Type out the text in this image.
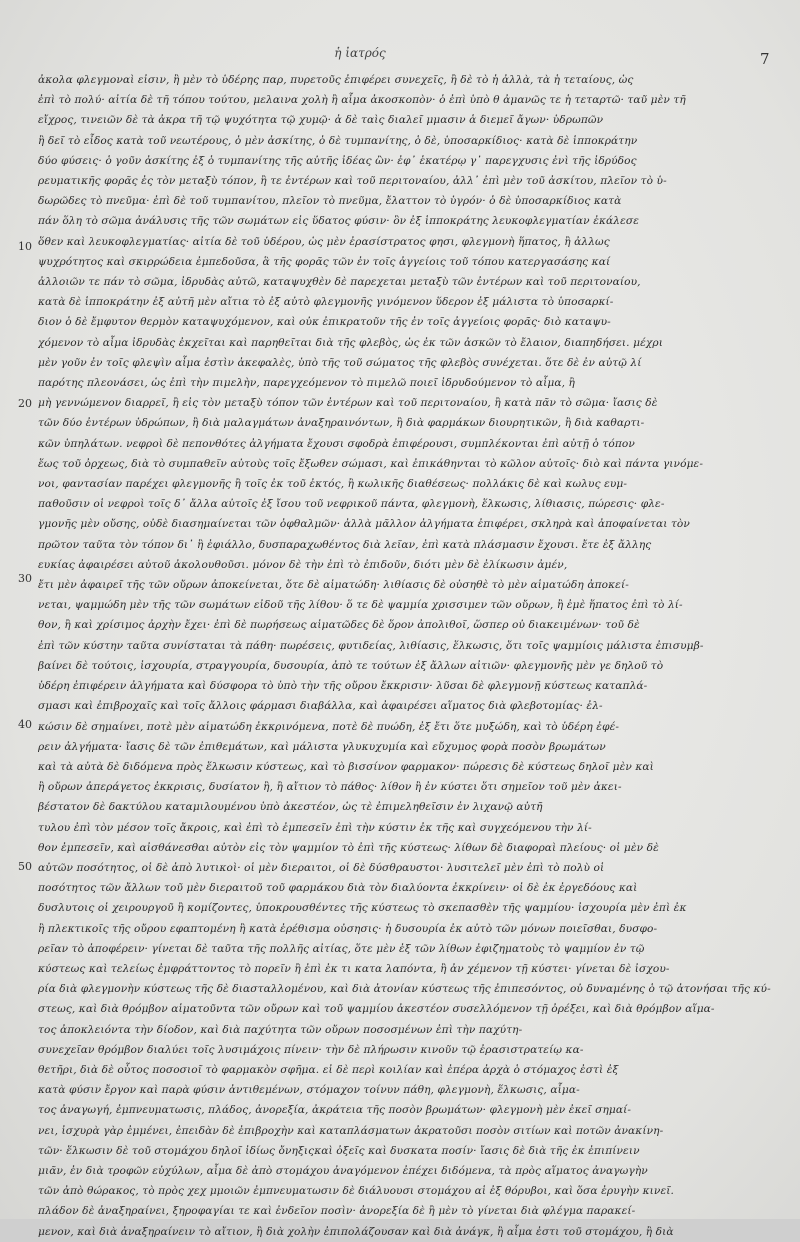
ἡ ἰατρός	7
10
20
30
40
50
ἀκολα φλεγμοναὶ εἰσιν, ἢ μὲν τὸ ὑδέρης παρ, πυρετοῦς ἐπιφέρει συνεχεῖς, ἢ δὲ τὸ ἡ ἀλλὰ, τὰ ἡ τεταίους, ὡς
ἐπὶ τὸ πολύ· αἰτία δὲ τῆ τόπου τούτου, μελαινα χολὴ ἢ αἷμα ἀκοσκοπὸν· ὁ ἐπὶ ὑπὸ θ ἀμανῶς τε ἡ τεταρτῶ· ταῦ μὲν τῆ
εἴχρος, τινειῶν δὲ τὰ ἀκρα τῆ τῷ ψυχότητα τῷ χυμῷ· ἀ δὲ ταὶς διαλεῖ μμασιν ἁ διεμεῖ ἄγων· ὑδρωπῶν
ἢ δεῖ τὸ εἶδος κατὰ τοῦ νεωτέρους, ὁ μὲν ἀσκίτης, ὁ δὲ τυμπανίτης, ὁ δὲ, ὑποσαρκίδιος· κατὰ δὲ ἱπποκράτην
δύο φύσεις· ὁ γοῦν ἀσκίτης ἐξ ὁ τυμπανίτης τῆς αὐτῆς ἰδέας ὢν· ἐφ᾽ ἑκατέρῳ γ᾽ παρεγχυσις ἐνὶ τῆς ἰδρύδος
ρευματικῆς φορᾶς ἐς τὸν μεταξὺ τόπον, ἢ τε ἐντέρων καὶ τοῦ περιτοναίου, ἀλλ᾽ ἐπὶ μὲν τοῦ ἀσκίτου, πλεῖον τὸ ὑ-
δωρῶδες τὸ πνεῦμα· ἐπὶ δὲ τοῦ τυμπανίτου, πλεῖον τὸ πνεῦμα, ἔλαττον τὸ ὑγρόν· ὁ δὲ ὑποσαρκίδιος κατὰ
πάν ὅλη τὸ σῶμα ἀνάλυσις τῆς τῶν σωμάτων εἰς ὕδατος φύσιν· ὃν ἐξ ἱπποκράτης λευκοφλεγματίαν ἐκάλεσε
ὅθεν καὶ λευκοφλεγματίας· αἰτία δὲ τοῦ ὑδέρου, ὡς μὲν ἐρασίστρατος φησι, φλεγμονὴ ἥπατος, ἢ ἀλλως
ψυχρότητος καὶ σκιρρώδεια ἐμπεδοῦσα, ἃ τῆς φορᾶς τῶν ἐν τοῖς ἀγγείοις τοῦ τόπου κατεργασάσης καί
ἀλλοιῶν τε πάν τὸ σῶμα, ἰδρυδὰς αὐτῶ, καταψυχθὲν δὲ παρεχεται μεταξὺ τῶν ἐντέρων καὶ τοῦ περιτοναίου,
κατὰ δὲ ἱπποκράτην ἐξ αὐτῆ μὲν αἴτια τὸ ἐξ αὐτὸ φλεγμονῆς γινόμενον ὕδερον ἐξ μάλιστα τὸ ὑποσαρκί-
διον ὁ δὲ ἔμφυτον θερμὸν καταψυχόμενον, καὶ οὐκ ἐπικρατοῦν τῆς ἐν τοῖς ἀγγείοις φορᾶς· διὸ καταψυ-
χόμενον τὸ αἷμα ἰδρυδὰς ἐκχεῖται καὶ παρηθεῖται διὰ τῆς φλεβὸς, ὡς ἐκ τῶν ἀσκῶν τὸ ἔλαιον, διαπηδήσει. μέχρι
μὲν γοῦν ἐν τοῖς φλεψὶν αἷμα ἐστὶν ἀκεφαλὲς, ὑπὸ τῆς τοῦ σώματος τῆς φλεβὸς συνέχεται. ὅτε δὲ ἐν αὐτῷ λί
παρότης πλεονάσει, ὡς ἐπὶ τὴν πιμελὴν, παρεγχεόμενον τὸ πιμελῶ ποιεῖ ἰδρυδούμενον τὸ αἷμα, ἢ
μὴ γεννώμενον διαρρεῖ, ἢ εἰς τὸν μεταξὺ τόπον τῶν ἐντέρων καὶ τοῦ περιτοναίου, ἢ κατὰ πᾶν τὸ σῶμα· ἴασις δὲ
τῶν δύο ἐντέρων ὑδρώπων, ἢ διὰ μαλαγμάτων ἀναξηραινόντων, ἢ διὰ φαρμάκων διουρητικῶν, ἢ διὰ καθαρτι-
κῶν ὑπηλάτων. νεφροὶ δὲ πεπονθότες ἀλγήματα ἔχουσι σφοδρὰ ἐπιφέρουσι, συμπλέκονται ἐπὶ αὐτῇ ὁ τόπον
ἕως τοῦ ὀρχεως, διὰ τὸ συμπαθεῖν αὐτοὺς τοῖς ἔξωθεν σώμασι, καὶ ἐπικάθηνται τὸ κῶλον αὐτοῖς· διὸ καὶ πάντα γινόμε-
νοι, φαντασίαν παρέχει φλεγμονῆς ἢ τοῖς ἐκ τοῦ ἐκτός, ἢ κωλικῆς διαθέσεως· πολλάκις δὲ καὶ κωλυς ευμ-
παθοῦσιν οἱ νεφροὶ τοῖς δ᾽ ἄλλα αὐτοῖς ἐξ ἴσου τοῦ νεφρικοῦ πάντα, φλεγμονὴ, ἕλκωσις, λίθιασις, πώρεσις· φλε-
γμονῆς μὲν οὔσης, οὐδὲ διασημαίνεται τῶν ὀφθαλμῶν· ἀλλὰ μᾶλλον ἀλγήματα ἐπιφέρει, σκληρὰ καὶ ἀποφαίνεται τὸν
πρῶτον ταῦτα τὸν τόπον δι᾽ ἣ ἐφιάλλο, δυσπαραχωθέντος διὰ λεῖαν, ἐπὶ κατὰ πλάσμασιν ἔχουσι. ἔτε ἐξ ἄλλης
ευκίας ἀφαιρέσει αὐτοῦ ἀκολουθοῦσι. μόνον δὲ τὴν ἐπὶ τὸ ἐπιδοῦν, διότι μὲν δὲ ἐλίκωσιν ἀμέν,
ἔτι μὲν ἀφαιρεῖ τῆς τῶν οὔρων ἀποκείνεται, ὅτε δὲ αἱματώδη· λιθίασις δὲ οὐσηθὲ τὸ μὲν αἱματώδη ἀποκεί-
νεται, ψαμμώδη μὲν τῆς τῶν σωμάτων εἰδοῦ τῆς λίθου· ὅ τε δὲ ψαμμία χρισσιμεν τῶν οὔρων, ἢ ἐμὲ ἥπατος ἐπὶ τὸ λί-
θον, ἢ καὶ χρίσιμος ἀρχὴν ἔχει· ἐπὶ δὲ πωρήσεως αἱματῶδες δὲ ὅρον ἀπολιθοῖ, ὥσπερ οὐ διακειμένων· τοῦ δὲ
ἐπὶ τῶν κύστην ταῦτα συνίσταται τὰ πάθη· πωρέσεις, φυτιδείας, λιθίασις, ἕλκωσις, ὅτι τοῖς ψαμμίοις μάλιστα ἐπισυμβ-
βαίνει δὲ τούτοις, ἰσχουρία, στραγγουρία, δυσουρία, ἀπὸ τε τούτων ἐξ ἄλλων αἰτιῶν· φλεγμονῆς μὲν γε δηλοῦ τὸ
ὑδέρη ἐπιφέρειν ἀλγήματα καὶ δύσφορα τὸ ὑπὸ τὴν τῆς οὔρου ἔκκρισιν· λῦσαι δὲ φλεγμονῇ κύστεως καταπλά-
σμασι καὶ ἐπιβροχαῖς καὶ τοῖς ἄλλοις φάρμασι διαβάλλα, καὶ ἀφαιρέσει αἵματος διὰ φλεβοτομίας· ἐλ-
κώσιν δὲ σημαίνει, ποτὲ μὲν αἱματώδη ἐκκρινόμενα, ποτὲ δὲ πυώδη, ἐξ ἔτι ὅτε μυξώδη, καὶ τὸ ὑδέρη ἐφέ-
ρειν ἀλγήματα· ἴασις δὲ τῶν ἐπιθεμάτων, καὶ μάλιστα γλυκυχυμία καὶ εὔχυμος φορὰ ποσὸν βρωμάτων
καὶ τὰ αὐτὰ δὲ διδόμενα πρὸς ἕλκωσιν κύστεως, καὶ τὸ βισσίνον φαρμακον· πώρεσις δὲ κύστεως δηλοῖ μὲν καὶ
ἢ οὔρων ἀπεράγετος ἐκκρισις, δυσίατον ἢ, ἢ αἴτιον τὸ πάθος· λίθον ἢ ἐν κύστει ὅτι σημεῖον τοῦ μὲν ἀκει-
βέστατον δὲ δακτύλου καταμιλουμένου ὑπὸ ἀκεστέον, ὡς τὲ ἐπιμεληθεῖσιν ἐν λιχανῷ αὐτῆ
τυλου ἐπὶ τὸν μέσον τοῖς ἄκροις, καὶ ἐπὶ τὸ ἐμπεσεῖν ἐπὶ τὴν κύστιν ἐκ τῆς καὶ συγχεόμενου τὴν λί-
θον ἐμπεσεῖν, καὶ αἰσθάνεσθαι αὐτὸν εἰς τὸν ψαμμίον τὸ ἐπὶ τῆς κύστεως· λίθων δὲ διαφοραὶ πλείους· οἱ μὲν δὲ
αὐτῶν ποσότητος, οἱ δὲ ἀπὸ λυτικοὶ· οἱ μὲν διεραιτοι, οἱ δὲ δύσθραυστοι· λυσιτελεῖ μὲν ἐπὶ τὸ πολὺ οἱ
ποσότητος τῶν ἄλλων τοῦ μὲν διεραιτοῦ τοῦ φαρμάκου διὰ τὸν διαλύοντα ἐκκρίνειν· οἱ δὲ ἐκ ἐργεδόους καὶ
δυσλυτοις οἱ χειρουργοῦ ἢ κομίζοντες, ὑποκρουσθέντες τῆς κύστεως τὸ σκεπασθὲν τῆς ψαμμίου· ἰσχουρία μὲν ἐπὶ ἐκ
ἢ πλεκτικοῖς τῆς οὔρου εφαπτομένη ἢ κατὰ ἐρέθισμα οὐσησις· ἡ δυσουρία ἐκ αὐτὸ τῶν μόνων ποιεῖσθαι, δυσφο-
ρεῖαν τὸ ἀποφέρειν· γίνεται δὲ ταῦτα τῆς πολλῆς αἰτίας, ὅτε μὲν ἐξ τῶν λίθων ἐφιζηματοὺς τὸ ψαμμίον ἐν τῷ
κύστεως καὶ τελείως ἐμφράττοντος τὸ πορεῖν ἢ ἐπὶ ἐκ τι κατα λαπόντα, ἢ ἀν χέμενον τῇ κύστει· γίνεται δὲ ἰσχου-
ρία διὰ φλεγμονὴν κύστεως τῆς δὲ διασταλλομένου, καὶ διὰ ἀτονίαν κύστεως τῆς ἐπιπεσόντος, οὐ δυναμένης ὁ τῷ ἀτονήσαι τῆς κύ-
στεως, καὶ διὰ θρόμβον αἱματοῦντα τῶν οὔρων καὶ τοῦ ψαμμίου ἀκεστέον συσελλόμενον τῇ ὀρέξει, καὶ διὰ θρόμβον αἵμα-
τος ἀποκλειόντα τὴν δίοδον, καὶ διὰ παχύτητα τῶν οὔρων ποσοσμένων ἐπὶ τὴν παχύτη-
συνεχεῖαν θρόμβον διαλύει τοῖς λυσιμάχοις πίνειν· τὴν δὲ πλήρωσιν κινοῦν τῷ ἐρασιστρατείῳ κα-
θετῆρι, διὰ δὲ οὗτος ποσοσιοῖ τὸ φαρμακὸν σφῆμα. εἰ δὲ περὶ κοιλίαν καὶ ἐπέρα ἀρχὰ ὁ στόμαχος ἐστὶ ἐξ
κατὰ φύσιν ἔργον καὶ παρὰ φύσιν ἀντιθεμένων, στόμαχον τοίνυν πάθη, φλεγμονὴ, ἕλκωσις, αἷμα-
τος ἀναγωγή, ἐμπνευματωσις, πλάδος, ἀνορεξία, ἀκράτεια τῆς ποσὸν βρωμάτων· φλεγμονὴ μὲν ἐκεῖ σημαί-
νει, ἰσχυρὰ γὰρ ἐμμένει, ἐπειδὰν δὲ ἐπιβροχὴν καὶ καταπλάσματων ἀκρατοῦσι ποσὸν σιτίων καὶ ποτῶν ἀνακίνη-
τῶν· ἕλκωσιν δὲ τοῦ στομάχου δηλοῖ ἰδίως ὄνηξιςκαὶ ὀξεῖς καὶ δυσκατα ποσίν· ἴασις δὲ διὰ τῆς ἐκ ἐπιπίνειν
μιᾶν, ἐν διὰ τροφῶν εὐχύλων, αἷμα δὲ ἀπὸ στομάχου ἀναγόμενον ἐπέχει διδόμενα, τὰ πρὸς αἵματος ἀναγωγὴν
τῶν ἀπὸ θώρακος, τὸ πρὸς χεχ μμοιῶν ἐμπνευματωσιν δὲ διάλυουσι στομάχου αἱ ἐξ θόρυβοι, καὶ ὅσα ἐρυγὴν κινεῖ.
πλάδον δὲ ἀναξηραίνει, ξηροφαγίαι τε καὶ ἐνδεῖον ποσὶν· ἀνορεξία δὲ ἢ μὲν τὸ γίνεται διὰ φλέγμα παρακεί-
μενον, καὶ διὰ ἀναξηραίνειν τὸ αἴτιον, ἢ διὰ χολὴν ἐπιπολάζουσαν καὶ διὰ ἀνάγκ, ἢ αἷμα ἐστι τοῦ στομάχου, ἢ διὰ
